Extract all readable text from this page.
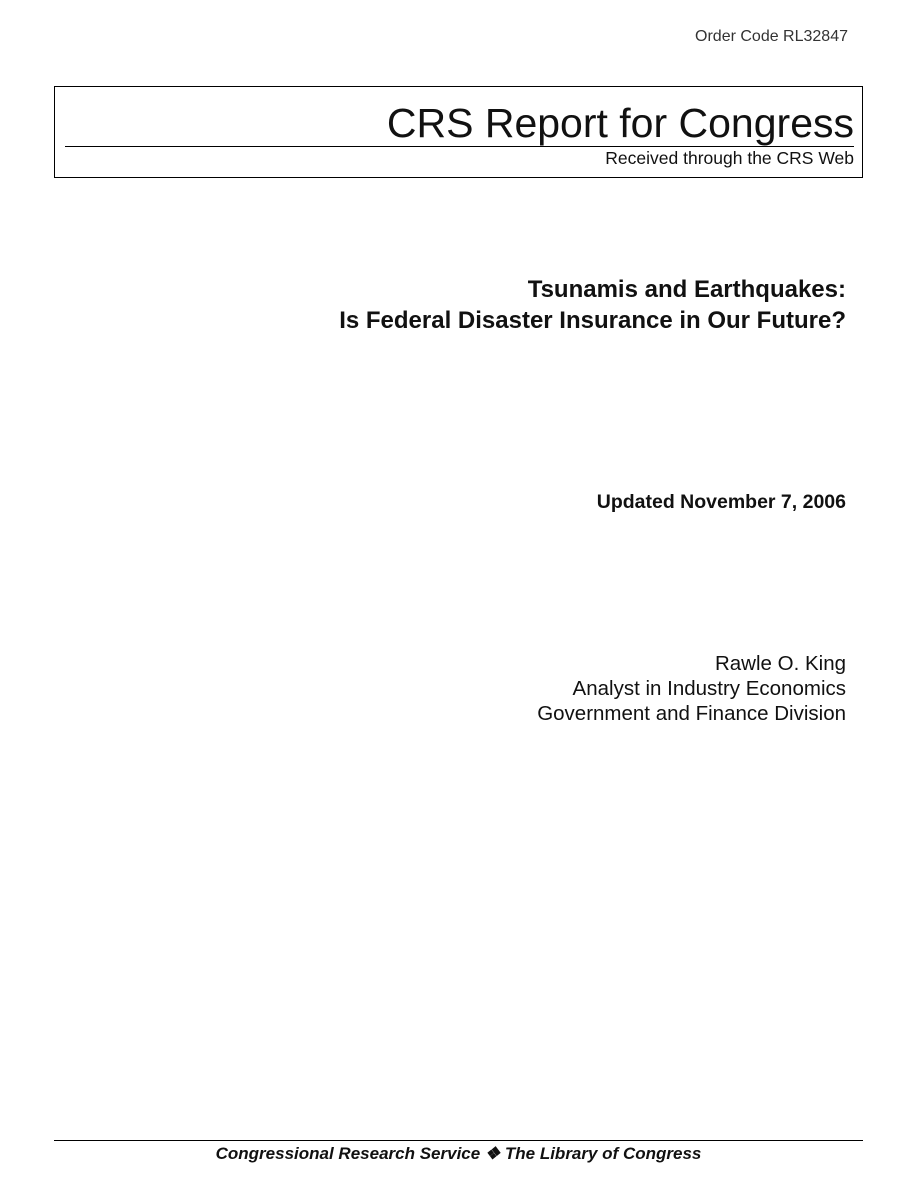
Order Code RL32847
CRS Report for Congress
Received through the CRS Web
Tsunamis and Earthquakes:
Is Federal Disaster Insurance in Our Future?
Updated November 7, 2006
Rawle O. King
Analyst in Industry Economics
Government and Finance Division
Congressional Research Service ❖ The Library of Congress
